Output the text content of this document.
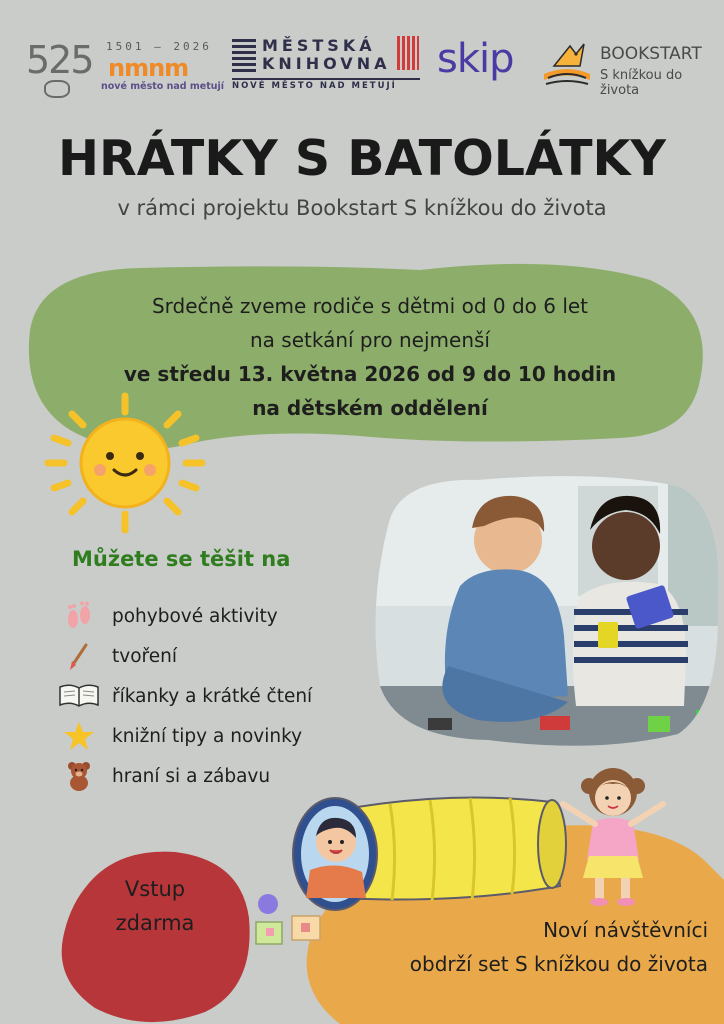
525 1501 — 2026
nmnm
nové město nad metují
MĚSTSKÁ
KNIHOVNA
NOVÉ MĚSTO NAD METUJÍ
skip	BOOKSTART
S knížkou do života
HRÁTKY S BATOLÁTKY
v rámci projektu Bookstart S knížkou do života
Srdečně zveme rodiče s dětmi od 0 do 6 let
na setkání pro nejmenší
ve středu 13. května 2026 od 9 do 10 hodin
na dětském oddělení
Můžete se těšit na
pohybové aktivity
tvoření
říkanky a krátké čtení
knižní tipy a novinky
hraní si a zábavu
Noví návštěvníci
obdrží set S knížkou do života
Vstup
zdarma
